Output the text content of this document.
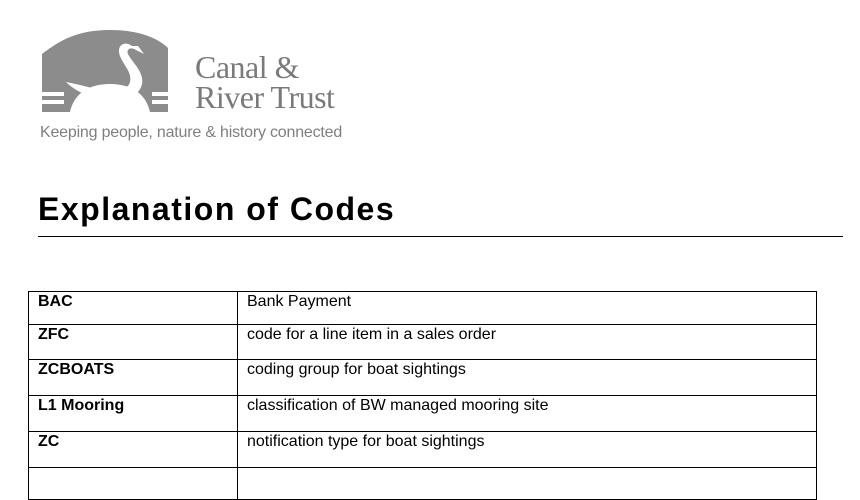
Canal &
River Trust
Keeping people, nature & history connected
Explanation of Codes
BAC	Bank Payment
ZFC	code for a line item in a sales order
ZCBOATS	coding group for boat sightings
L1 Mooring	classification of BW managed mooring site
ZC	notification type for boat sightings
